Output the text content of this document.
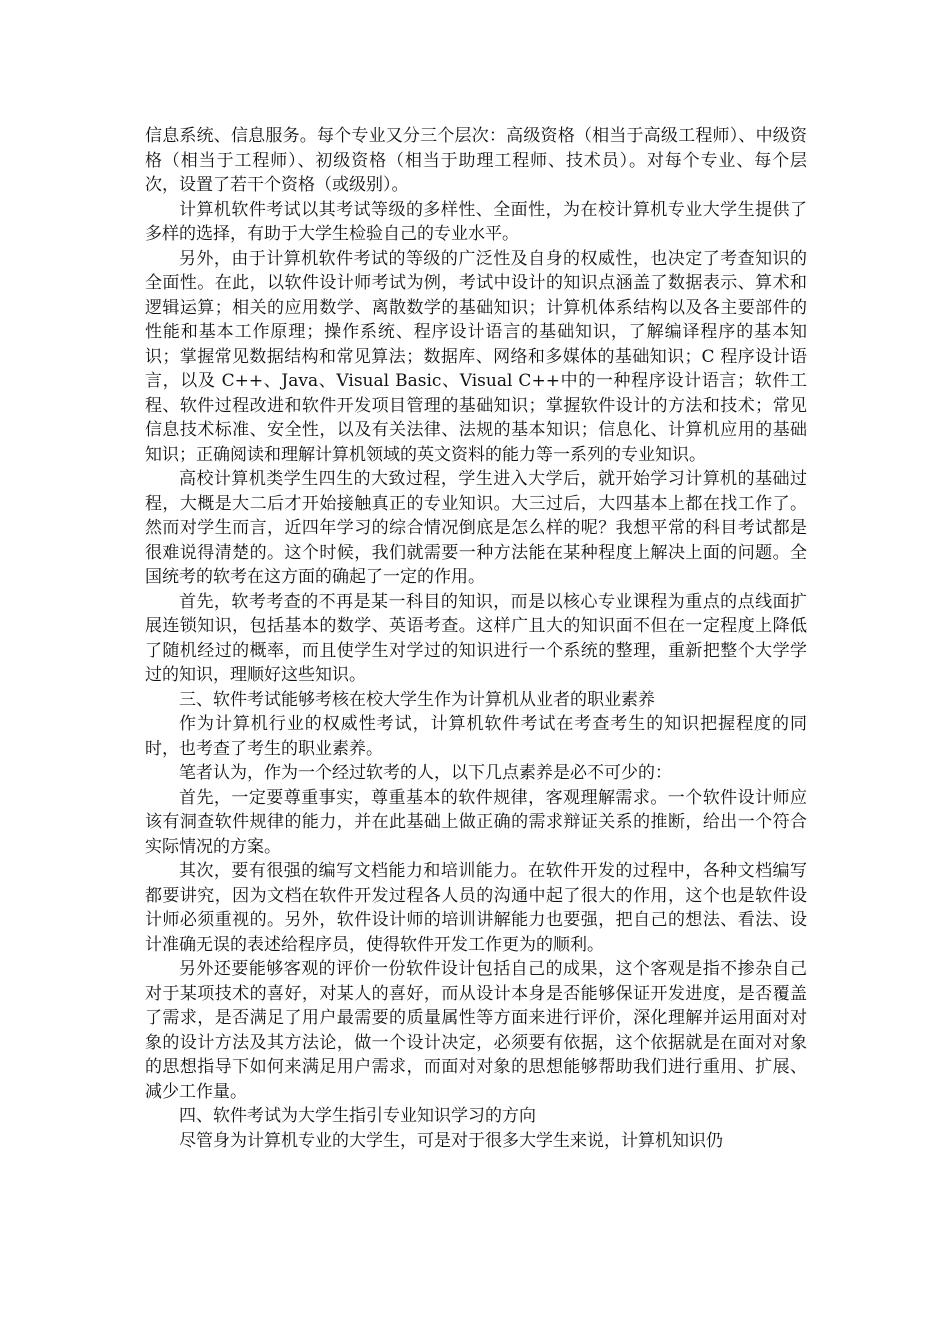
信息系统、信息服务。每个专业又分三个层次：高级资格（相当于高级工程师）、中级资格（相当于工程师）、初级资格（相当于助理工程师、技术员）。对每个专业、每个层次，设置了若干个资格（或级别）。

计算机软件考试以其考试等级的多样性、全面性，为在校计算机专业大学生提供了多样的选择，有助于大学生检验自己的专业水平。

另外，由于计算机软件考试的等级的广泛性及自身的权威性，也决定了考查知识的全面性。在此，以软件设计师考试为例，考试中设计的知识点涵盖了数据表示、算术和逻辑运算；相关的应用数学、离散数学的基础知识；计算机体系结构以及各主要部件的性能和基本工作原理；操作系统、程序设计语言的基础知识，了解编译程序的基本知识；掌握常见数据结构和常见算法；数据库、网络和多媒体的基础知识；C 程序设计语言，以及 C++、Java、Visual Basic、Visual C++中的一种程序设计语言；软件工程、软件过程改进和软件开发项目管理的基础知识；掌握软件设计的方法和技术；常见信息技术标准、安全性，以及有关法律、法规的基本知识；信息化、计算机应用的基础知识；正确阅读和理解计算机领域的英文资料的能力等一系列的专业知识。

高校计算机类学生四生的大致过程，学生进入大学后，就开始学习计算机的基础过程，大概是大二后才开始接触真正的专业知识。大三过后，大四基本上都在找工作了。然而对学生而言，近四年学习的综合情况倒底是怎么样的呢？我想平常的科目考试都是很难说得清楚的。这个时候，我们就需要一种方法能在某种程度上解决上面的问题。全国统考的软考在这方面的确起了一定的作用。

首先，软考考查的不再是某一科目的知识，而是以核心专业课程为重点的点线面扩展连锁知识，包括基本的数学、英语考查。这样广且大的知识面不但在一定程度上降低了随机经过的概率，而且使学生对学过的知识进行一个系统的整理，重新把整个大学学过的知识，理顺好这些知识。

三、软件考试能够考核在校大学生作为计算机从业者的职业素养

作为计算机行业的权威性考试，计算机软件考试在考查考生的知识把握程度的同时，也考查了考生的职业素养。

笔者认为，作为一个经过软考的人，以下几点素养是必不可少的：

首先，一定要尊重事实，尊重基本的软件规律，客观理解需求。一个软件设计师应该有洞查软件规律的能力，并在此基础上做正确的需求辩证关系的推断，给出一个符合实际情况的方案。

其次，要有很强的编写文档能力和培训能力。在软件开发的过程中，各种文档编写都要讲究，因为文档在软件开发过程各人员的沟通中起了很大的作用，这个也是软件设计师必须重视的。另外，软件设计师的培训讲解能力也要强，把自己的想法、看法、设计准确无误的表述给程序员，使得软件开发工作更为的顺利。

另外还要能够客观的评价一份软件设计包括自己的成果，这个客观是指不掺杂自己对于某项技术的喜好，对某人的喜好，而从设计本身是否能够保证开发进度，是否覆盖了需求，是否满足了用户最需要的质量属性等方面来进行评价，深化理解并运用面对对象的设计方法及其方法论，做一个设计决定，必须要有依据，这个依据就是在面对对象的思想指导下如何来满足用户需求，而面对对象的思想能够帮助我们进行重用、扩展、减少工作量。

四、软件考试为大学生指引专业知识学习的方向

尽管身为计算机专业的大学生，可是对于很多大学生来说，计算机知识仍
